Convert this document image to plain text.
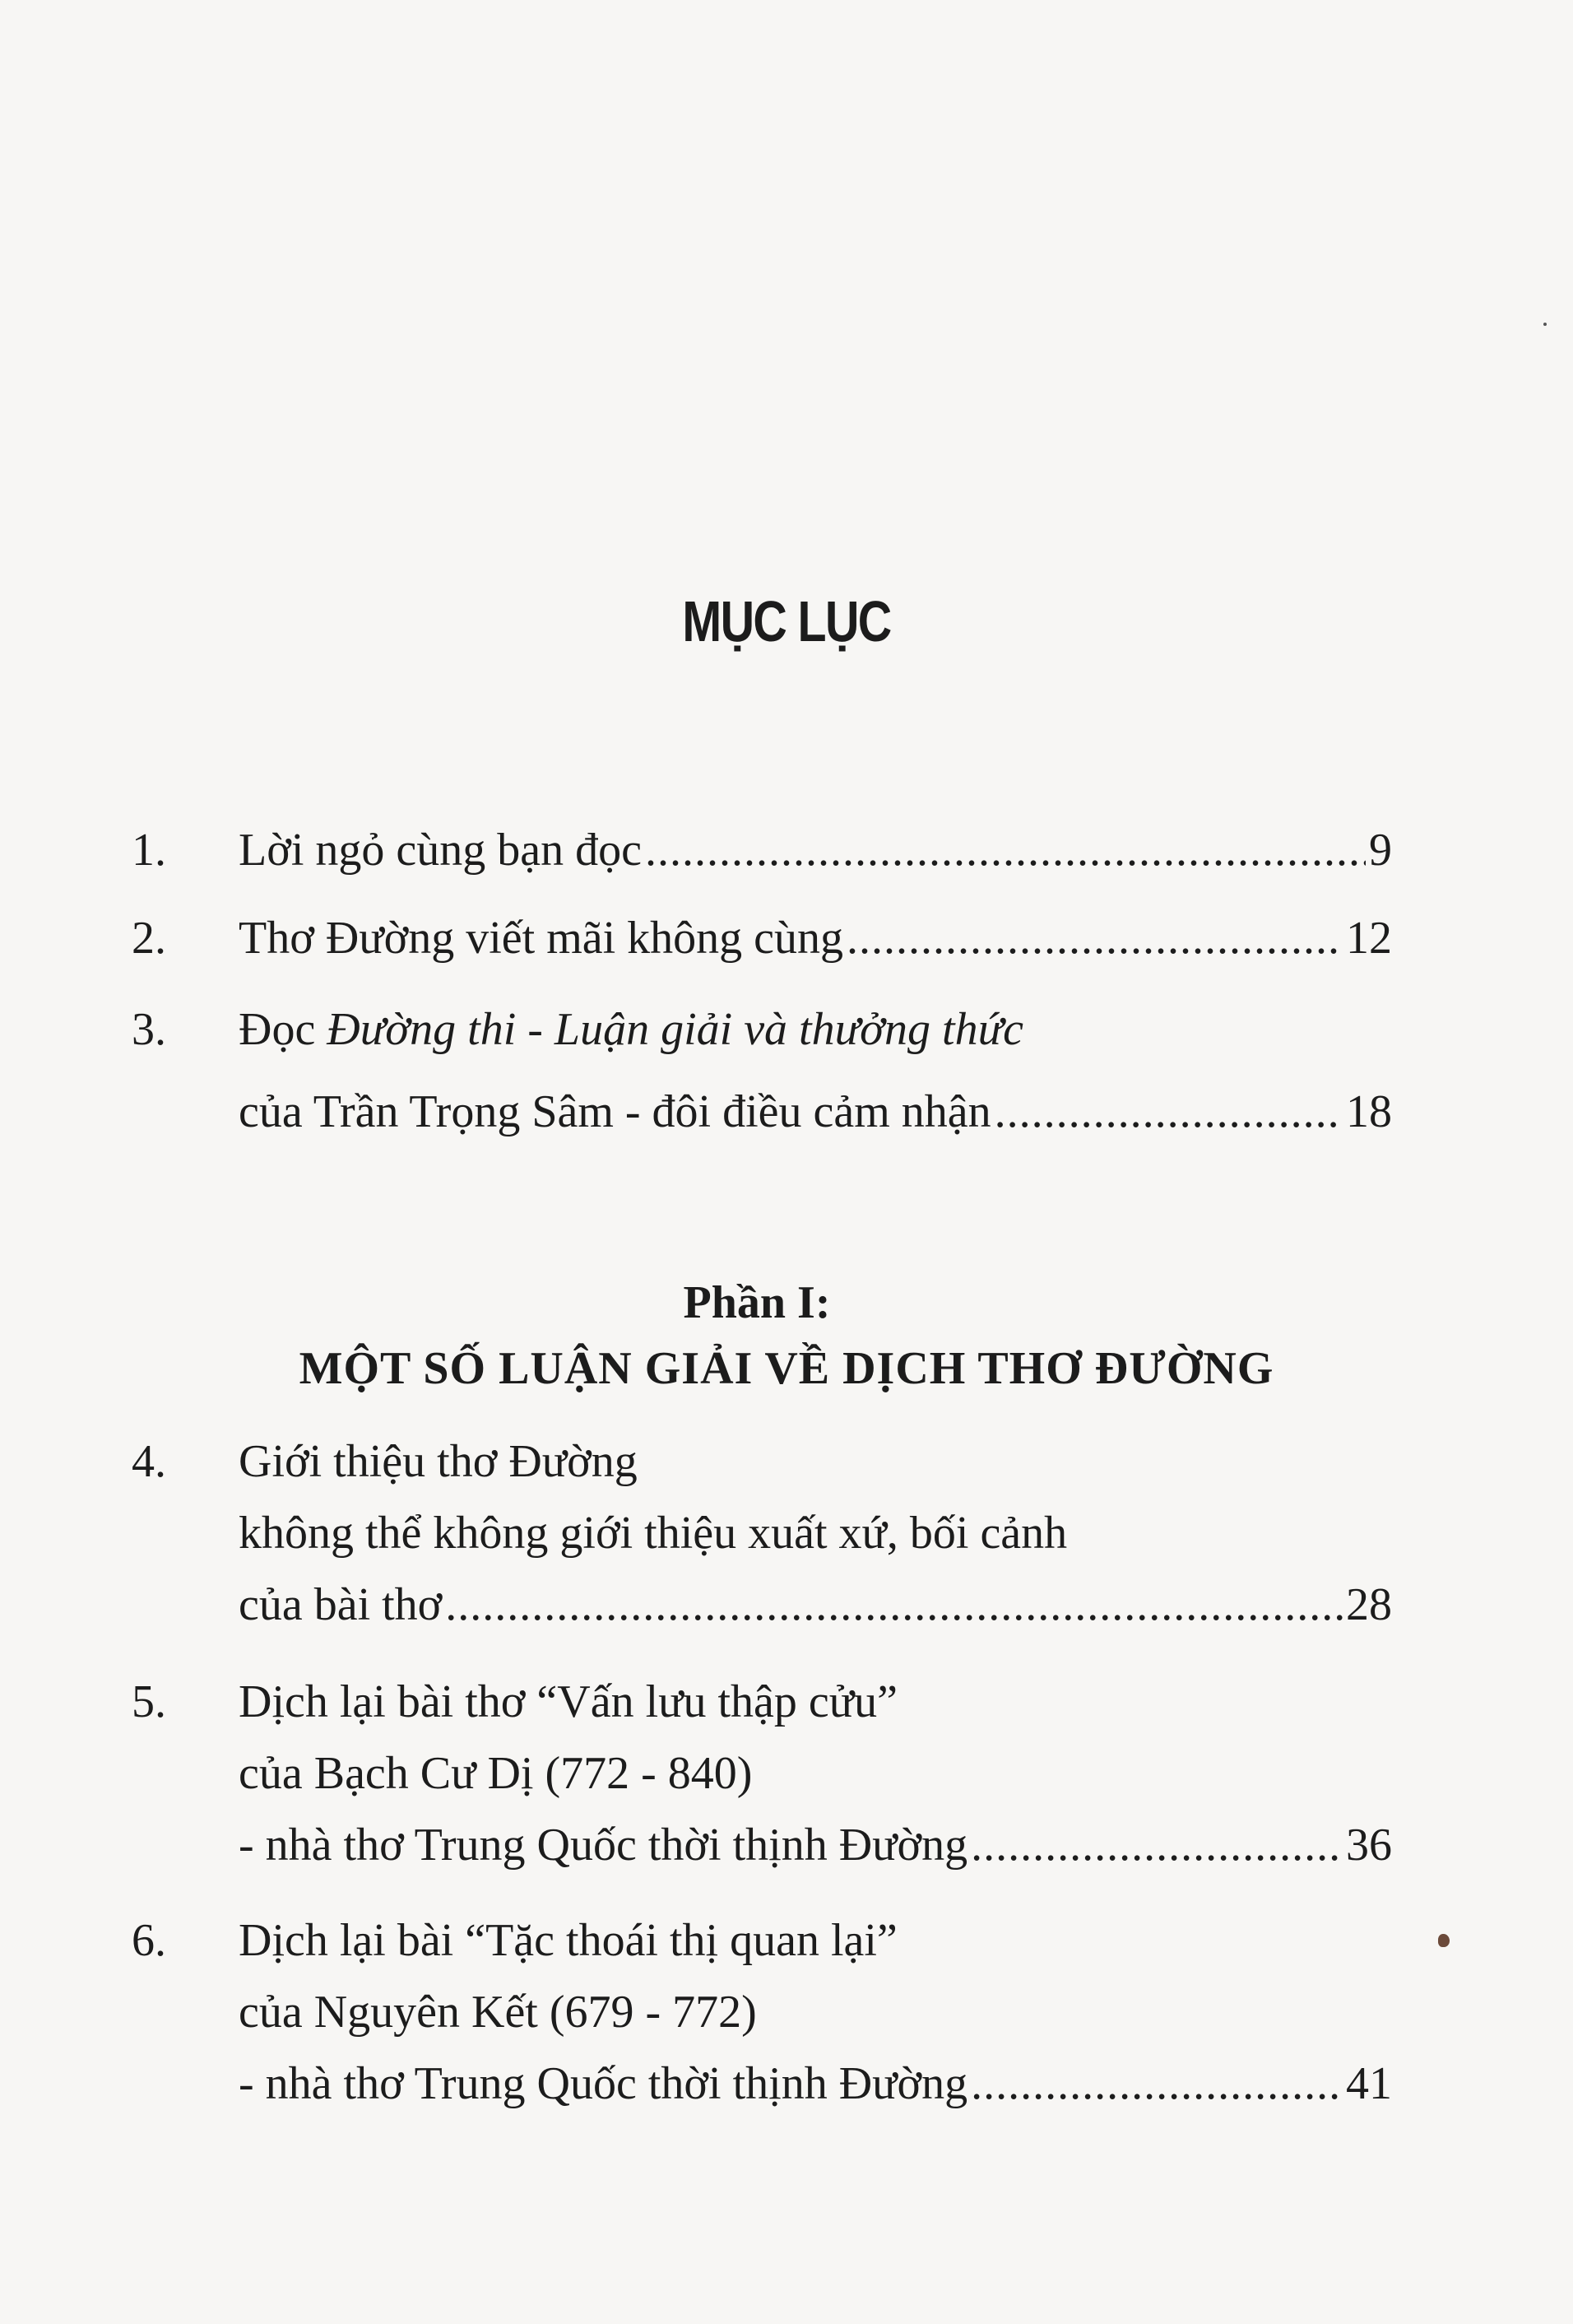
MỤC LỤC
1. Lời ngỏ cùng bạn đọc .....	9
2. Thơ Đường viết mãi không cùng .....	12
3. Đọc Đường thi - Luận giải và thưởng thức
của Trần Trọng Sâm - đôi điều cảm nhận .....	18
Phần I:
MỘT SỐ LUẬN GIẢI VỀ DỊCH THƠ ĐƯỜNG
4. Giới thiệu thơ Đường
không thể không giới thiệu xuất xứ, bối cảnh
của bài thơ .....	28
5. Dịch lại bài thơ “Vấn lưu thập cửu”
của Bạch Cư Dị (772 - 840)
- nhà thơ Trung Quốc thời thịnh Đường .....	36
6. Dịch lại bài “Tặc thoái thị quan lại”
của Nguyên Kết (679 - 772)
- nhà thơ Trung Quốc thời thịnh Đường .....	41
